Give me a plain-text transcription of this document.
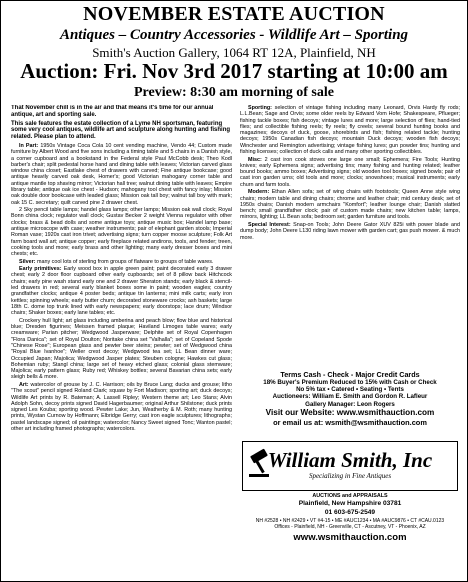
NOVEMBER ESTATE AUCTION
Antiques – Country Accessories - Wildlife Art – Sporting
Smith's Auction Gallery, 1064 RT 12A, Plainfield, NH
Auction: Fri. Nov 3rd 2017 starting at 10:00 am
Preview: 8:30 am morning of sale

That November chill is in the air and that means it's time for our annual antique, art and sporting sale.

This sale features the estate collection of a Lyme NH sportsman, featuring some very cool antiques, wildlife art and sculpture along hunting and fishing related. Please plan to attend.

In Part: 1950s Vintage Coca Cola 10 cent vending machine, Vendo 44; Custom made furniture by Albert Wood and five sons including a timing table and 5 chairs in a Danish style, a corner cupboard and a bookstand in the Federal style Paul McCobb desk; Theo Kodl barber's chair; split pedestal horse hand and dining table with leaves; Victorian carved glass window china closet; Eastlake chest of drawers with carved; Fine antique bookcase; good antique heavily carved oak desk, Homer's; good Victorian mahogany corner table and antique mantle top shaving mirror; Victorian hall tree; walnut dining table with leaves; Empire library table; antique oak ice chest - Hudson; mahogany tool chest with fancy inlay; Mission oak double door bookcase with leaded glass; Mission oak tall boy; walnut tall boy with mark; oak 15 C. secretary; quilt carved pine 2 drawer chest.

2 Sky pencil table lamps; handel glass lamps; other lamps; Mission oak wall clock; Royal Bonn china clock; regulator wall clock; Gustav Becker 2 weight Vienna regulator with other clocks; brass & bead dolls and some antique toys; antique music box; Handel lamp base; antique microscope with case; weather instruments; pair of elephant garden stools; Imperial Roman vase; 1920s cast iron trivet; advertising signs; turn copper moose sculpture; Folk Art farm board wall art; antique copper; early fireplace related andirons, tools, and fender; treen, cooking tools and more; early brass and other lighting; many early dresser boxes and mini chests; etc.

Silver: many cool lots of sterling from groups of flatware to groups of table wares.

Early primitives: Early wood box in apple green paint; paint decorated early 3 drawer chest; early 2 door floor cupboard other early cupboards; set of 8 pillow back Hitchcock chairs; early pine wash stand early one and 2 drawer Sheraton stands; early black & stencil-led drawers in red; several early blanket boxes some in paint; wooden eagles; country grandfather clocks; antique 4 poster beds; antique tin lanterns; mini milk carts; early iron kettles; spinning wheels; early butter churn; decorated stoneware crocks; ash baskets; large 18th C. dome top trunk lined with early newspapers; early doorstops; lace drum; Windsor chairs; Shaker boxes; early lane tables; etc.

Crockery hull light; art glass including amberina and peach blow; flow blue and historical blue; Dresden figurines; Meissen framed plaque; Haviland Limoges table wares; early creamware; Parian pitcher; Wedgwood Jasperware; Delphite set of Royal Copenhagen "Flora Danica"; set of Royal Doulton; Noritake china set "Valhalla"; set of Copeland Spode "Chinese Rose"; European glass and pewter beer steins; pewter; set of Wedgwood china "Royal Blue Ivanhoe"; Weller crest decoy; Wedgwood tea set; LL Bean dinner ware; Occupied Japan; Majolica; Wedgwood Jasper plates; Steuben cologne; Hawkes cut glass; Bohemian ruby; Stangl china; large set of heavy etched glass; colonial glass stemware; Majolica; early pattern glass; Ruby red; Whiskey bottles; several Bavarian china sets; early sleigh bells & more.

Art: watercolor of grouse by J. C. Harrison; oils by Bruce Lang; ducks and grouse; litho "The scout" pencil signed Roland Clark; squaw by Fort Madison; sporting art; duck decoys; Wildlife Art prints by R. Bateman; A. Lassell Ripley; Western theme art; Leo Stans; Alvin Adolph Sohn, decoy prints signed David Hagerbaumer; original Arthur Shilstone; duck prints signed Les Kouba; sporting wood. Pewter Lake; Jun, Weatherby & M. Roth; many hunting prints, Wystan Curnow by Hoffmann; Elbridge Gerry; cast iron eagle sculptures; lithographs; pastel landscape signed; oil paintings; watercolor; Nancy Sweet signed Tonc; Wanton pastel; other art including framed photographs; watercolors.

Sporting: selection of vintage fishing including many Leonard, Orvis Hardy fly rods; L.L.Bean; Sage and Orvis; some older reels by Edward Vom Hofe; Shakespeare, Pflueger; fishing tackle boxes; fish decoys; vintage lures and more; large selection of flies; hand-tied flies; and collectible fishing reels; fly reels; fly creels; several bound hunting books and magazines; decoys of duck, goose, shorebirds and fish; fishing related tackle; hunting decoys; 1950s Canadian fish decoys; mountain Duck decoys; wooden fish decoys; Winchester and Remington advertising; vintage fishing lures; gun powder tins; hunting and fishing licenses; collection of duck calls and many other sporting collectibles.

Misc: 2 cast iron cook stoves one large one small; Ephemera; Fire Tools; Hunting knives; early Ephemera signs; advertising tins; many fishing and hunting related; leather bound books; ammo boxes; Advertising signs; old wooden tool boxes; signed bowls; pair of cast iron garden urns; old tools and more; clocks; snowshoes; musical instruments; early churn and farm tools.

Modern: Ethan Allen sofa; set of wing chairs with footstools; Queen Anne style wing chairs; modern table and dining chairs; chrome and leather chair; mid century desk; set of 1950s chairs; Danish modern armchairs "Komfort"; leather lounge chair; Danish slatted bench; small grandfather clock; pair of custom made chairs; new kitchen table; lamps, mirrors, lighting; LL Bean sofa; bedroom set; garden furniture and tools.

Special Interest: Snap-on Tools; John Deere Gator XUV 825i with power blade and dump body; John Deere L130 riding lawn mower with garden cart; gas push mower. & much more.

Terms Cash - Check - Major Credit Cards
18% Buyer's Premium Reduced to 15% with Cash or Check
No 5% tax • Catered • Seating • Tents
Auctioneers: William E. Smith and Gordon R. Lafleur
Gallery Manager: Leon Rogers
Visit our Website: www.wsmithauction.com
or email us at: wsmith@wsmithauction.com
William Smith, Inc
Specializing in Fine Antiques
AUCTIONS and APPRAISALS
Plainfield, New Hampshire 03781
01 603-675-2549
NH #2528 • NH #2429 • VT #4-15 • ME #AUC1234 • MA #AUC9876 • CT #CAU.0123
Offices - Plainfield, NH - Greenville, CT - Ascutney, VT - Phoenix, AZ
www.wsmithauction.com
